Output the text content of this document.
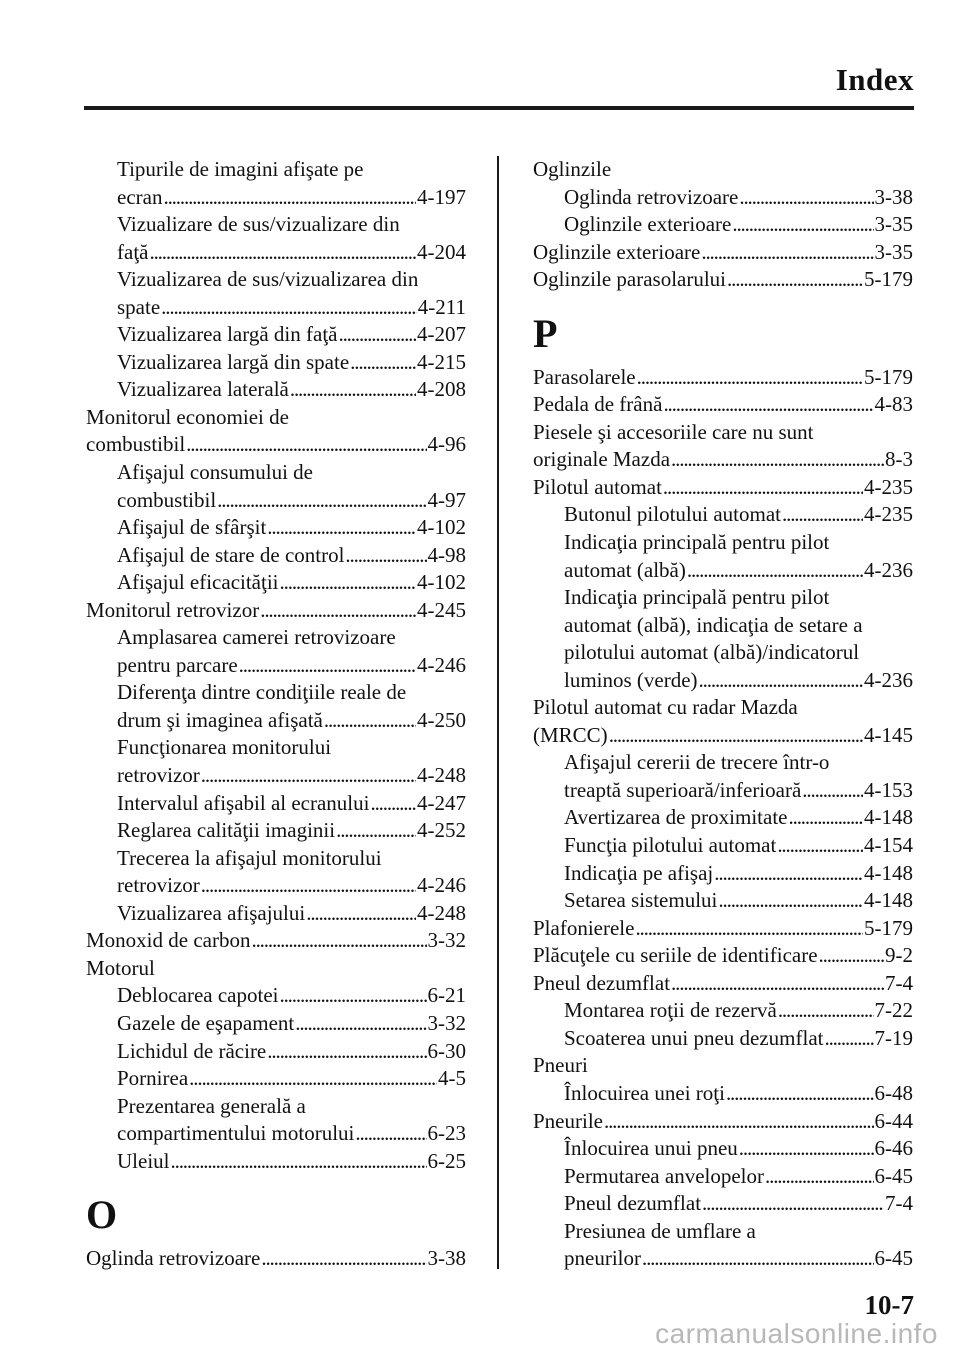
Index
Tipurile de imagini afişate pe
ecran . . .	4-197
Vizualizare de sus/vizualizare din
faţă . . .	4-204
Vizualizarea de sus/vizualizarea din
spate . . .	4-211
Vizualizarea largă din faţă . . .	4-207
Vizualizarea largă din spate . . .	4-215
Vizualizarea laterală . . .	4-208
Monitorul economiei de
combustibil . . .	4-96
Afişajul consumului de
combustibil . . .	4-97
Afişajul de sfârşit . . .	4-102
Afişajul de stare de control . . .	4-98
Afişajul eficacităţii . . .	4-102
Monitorul retrovizor . . .	4-245
Amplasarea camerei retrovizoare
pentru parcare . . .	4-246
Diferenţa dintre condiţiile reale de
drum şi imaginea afişată . . .	4-250
Funcţionarea monitorului
retrovizor . . .	4-248
Intervalul afişabil al ecranului . . . 4-247
Reglarea calităţii imaginii . . .	4-252
Trecerea la afişajul monitorului
retrovizor . . .	4-246
Vizualizarea afişajului . . .	4-248
Monoxid de carbon . . .	3-32
Motorul
Deblocarea capotei . . .	6-21
Gazele de eşapament . . .	3-32
Lichidul de răcire . . .	6-30
Pornirea . . .	4-5
Prezentarea generală a
compartimentului motorului . . .	6-23
Uleiul . . .	6-25
O
Oglinda retrovizoare . . .	3-38
Oglinzile
Oglinda retrovizoare . . .	3-38
Oglinzile exterioare . . .	3-35
Oglinzile exterioare . . .	3-35
Oglinzile parasolarului . . .	5-179
P
Parasolarele . . .	5-179
Pedala de frână . . .	4-83
Piesele şi accesoriile care nu sunt
originale Mazda . . .	8-3
Pilotul automat . . .	4-235
Butonul pilotului automat . . .	4-235
Indicaţia principală pentru pilot
automat (albă) . . .	4-236
Indicaţia principală pentru pilot
automat (albă), indicaţia de setare a
pilotului automat (albă)/indicatorul
luminos (verde) . . .	4-236
Pilotul automat cu radar Mazda
(MRCC) . . .	4-145
Afişajul cererii de trecere într-o
treaptă superioară/inferioară . . .	4-153
Avertizarea de proximitate . . .	4-148
Funcţia pilotului automat . . .	4-154
Indicaţia pe afişaj . . .	4-148
Setarea sistemului . . .	4-148
Plafonierele . . .	5-179
Plăcuţele cu seriile de identificare . . .	9-2
Pneul dezumflat . . .	7-4
Montarea roţii de rezervă . . .	7-22
Scoaterea unui pneu dezumflat . . . 7-19
Pneuri
Înlocuirea unei roţi . . .	6-48
Pneurile . . .	6-44
Înlocuirea unui pneu . . .	6-46
Permutarea anvelopelor . . .	6-45
Pneul dezumflat . . .	7-4
Presiunea de umflare a
pneurilor . . .	6-45
10-7
carmanualsonline.info
